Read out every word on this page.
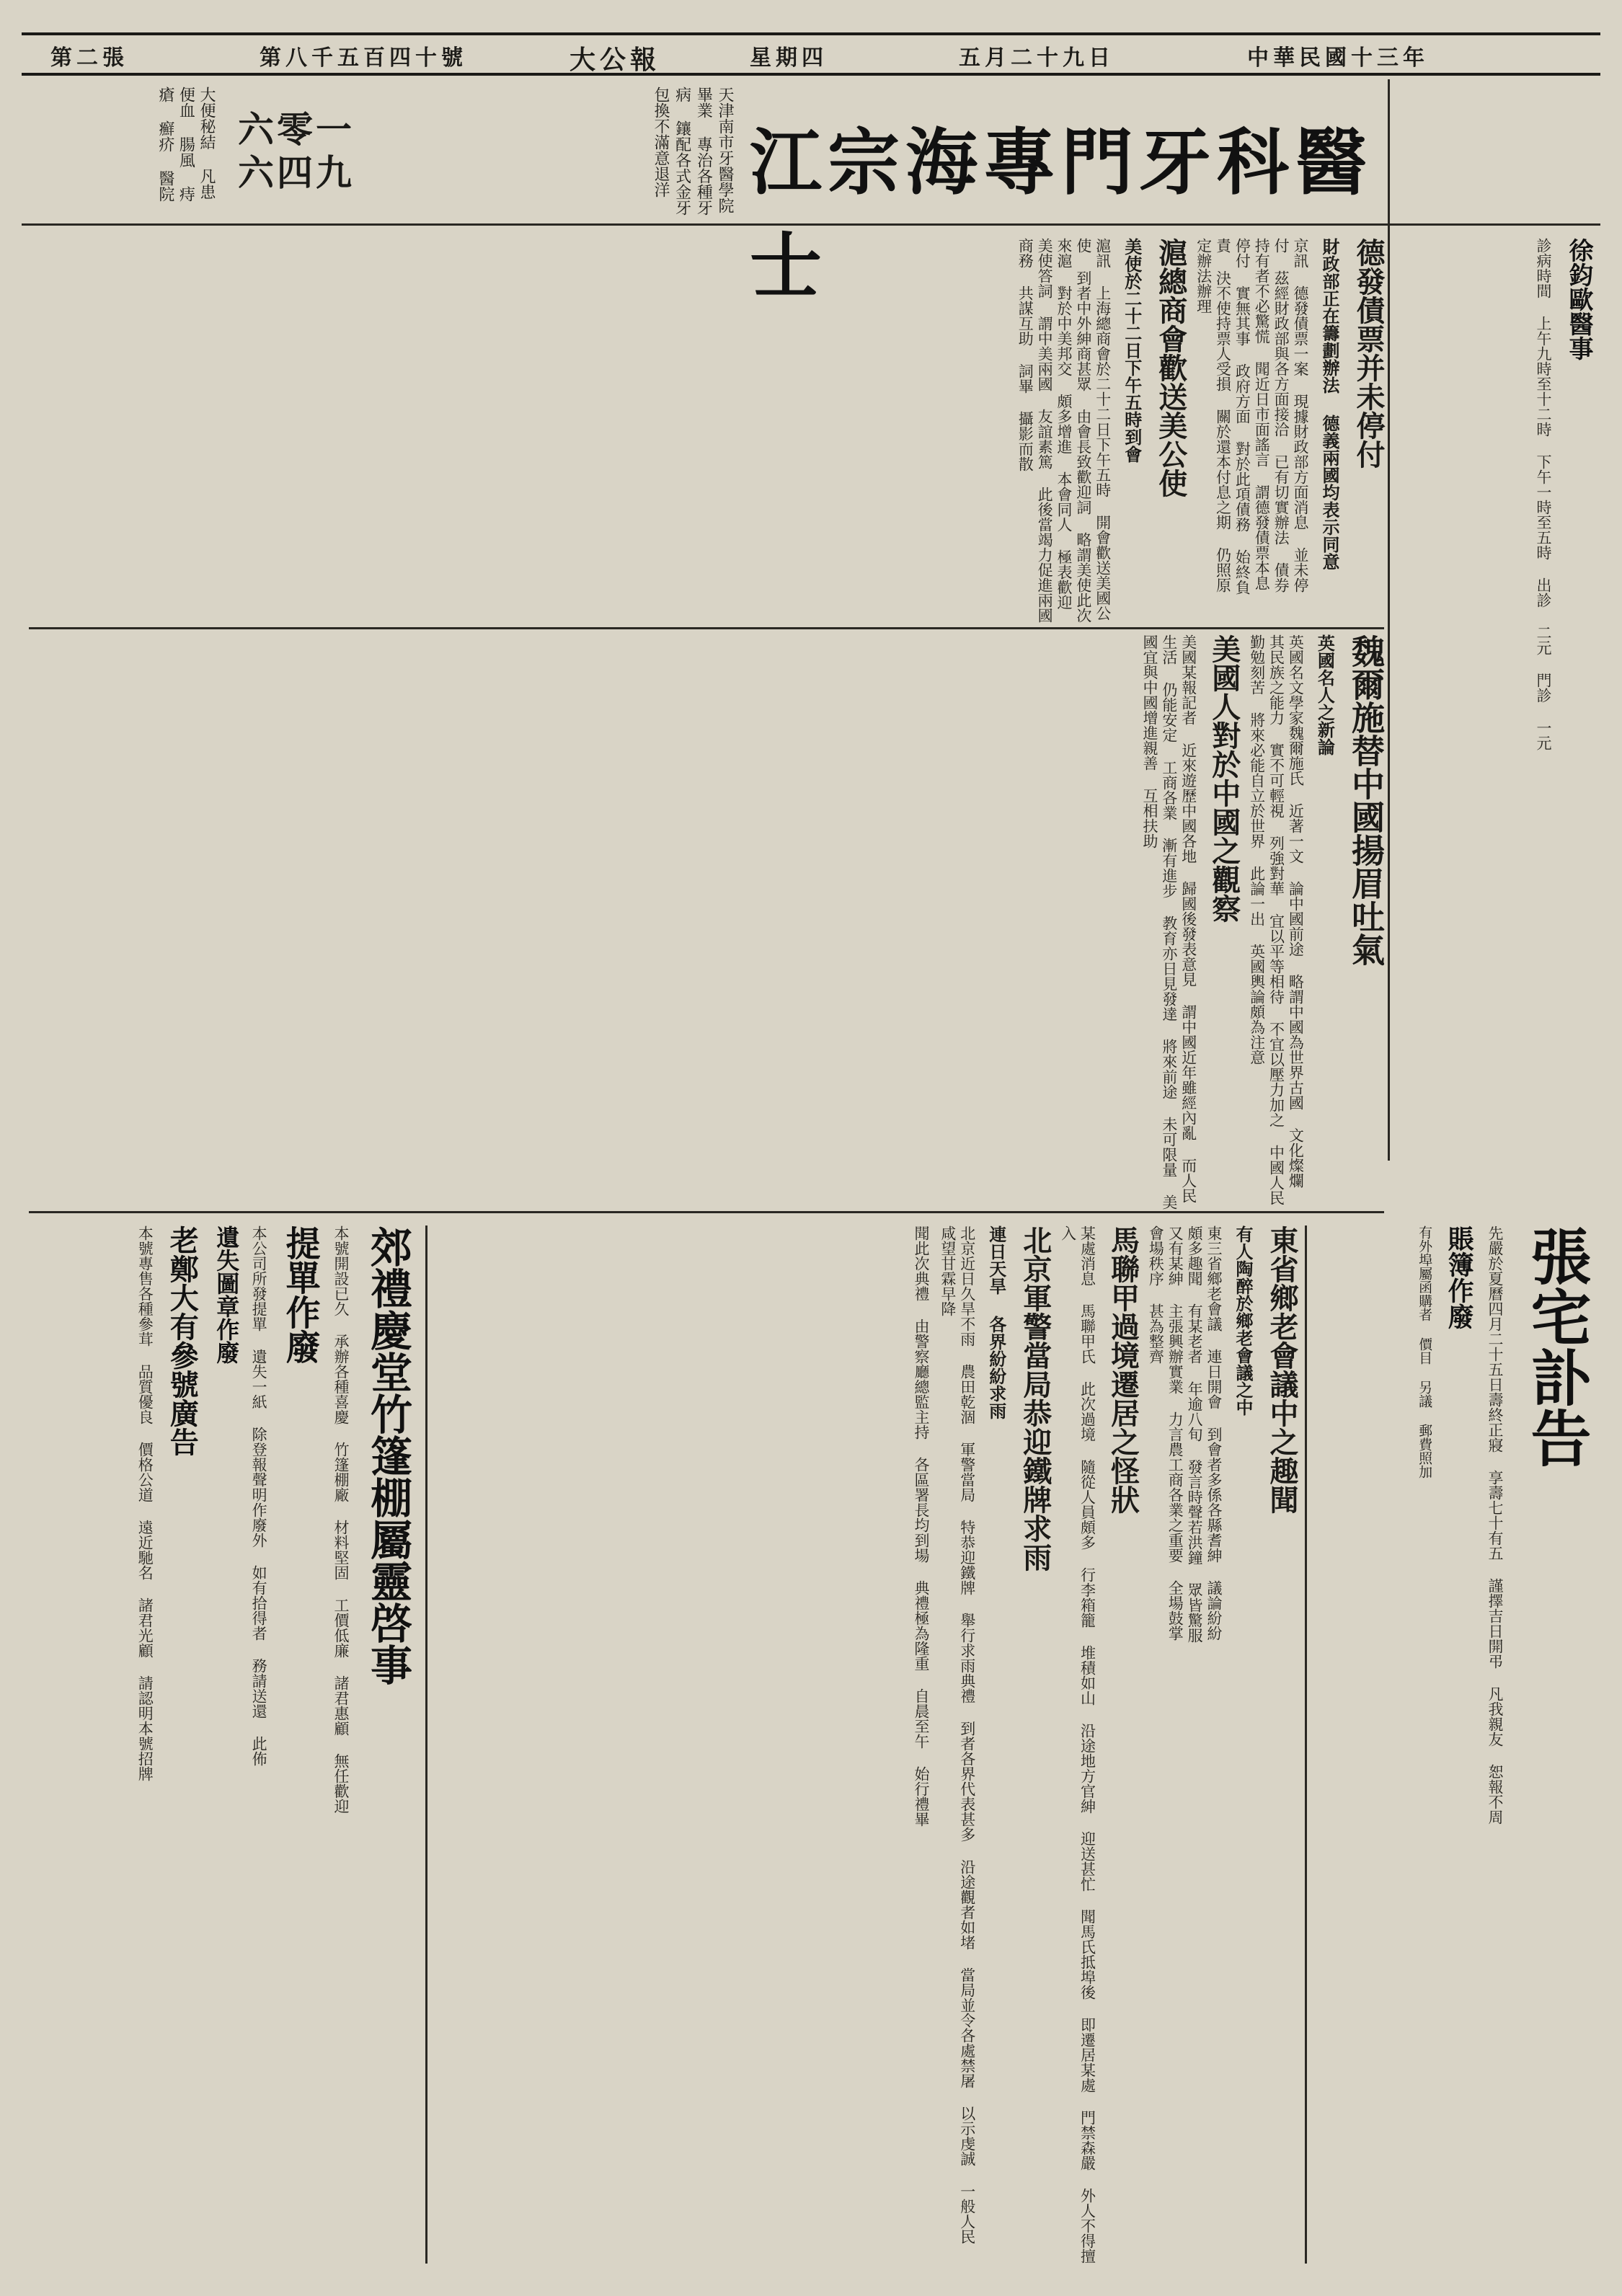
第二張	第八千五百四十號	大公報	星期四	五月二十九日	中華民國十三年
大便秘結 凡患 便血 腸風 痔瘡 癬疥 醫院	六零一 六四九	天津南市牙醫學院畢業 專治各種牙病 鑲配各式金牙 包換不滿意退洋	江宗海專門牙科醫士	徐鈞歐醫事
診病時間 上午九時至十二時 下午一時至五時 出診 二元 門診 一元
德發債票并未停付
財政部正在籌劃辦法 德義兩國均表示同意
京訊 德發債票一案 現據財政部方面消息 並未停付 茲經財政部與各方面接洽 已有切實辦法 債券持有者不必驚慌 聞近日市面謠言 謂德發債票本息停付 實無其事 政府方面 對於此項債務 始終負責 決不使持票人受損 關於還本付息之期 仍照原定辦法辦理
滬總商會歡送美公使
美使於二十二日下午五時到會
滬訊 上海總商會於二十二日下午五時 開會歡送美國公使 到者中外紳商甚眾 由會長致歡迎詞 略謂美使此次來滬 對於中美邦交 頗多增進 本會同人 極表歡迎 美使答詞 謂中美兩國 友誼素篤 此後當竭力促進兩國商務 共謀互助 詞畢 攝影而散
魏爾施替中國揚眉吐氣
英國名人之新論
英國名文學家魏爾施氏 近著一文 論中國前途 略謂中國為世界古國 文化燦爛 其民族之能力 實不可輕視 列強對華 宜以平等相待 不宜以壓力加之 中國人民 勤勉刻苦 將來必能自立於世界 此論一出 英國輿論頗為注意
美國人對於中國之觀察
美國某報記者 近來遊歷中國各地 歸國後發表意見 謂中國近年雖經內亂 而人民生活 仍能安定 工商各業 漸有進步 教育亦日見發達 將來前途 未可限量 美國宜與中國增進親善 互相扶助
張宅訃告
先嚴於夏曆四月二十五日壽終正寢 享壽七十有五 謹擇吉日開弔 凡我親友 恕報不周
賬簿作廢
有外埠屬函購者 價目 另議 郵費照加
東省鄉老會議中之趣聞
有人陶醉於鄉老會議之中
東三省鄉老會議 連日開會 到會者多係各縣耆紳 議論紛紛 頗多趣聞 有某老者 年逾八旬 發言時聲若洪鐘 眾皆驚服 又有某紳 主張興辦實業 力言農工商各業之重要 全場鼓掌 會場秩序 甚為整齊
馬聯甲過境遷居之怪狀
某處消息 馬聯甲氏 此次過境 隨從人員頗多 行李箱籠 堆積如山 沿途地方官紳 迎送甚忙 聞馬氏抵埠後 即遷居某處 門禁森嚴 外人不得擅入
北京軍警當局恭迎鐵牌求雨
連日天旱 各界紛紛求雨
北京近日久旱不雨 農田乾涸 軍警當局 特恭迎鐵牌 舉行求雨典禮 到者各界代表甚多 沿途觀者如堵 當局並令各處禁屠 以示虔誠 一般人民 咸望甘霖早降
聞此次典禮 由警察廳總監主持 各區署長均到場 典禮極為隆重 自晨至午 始行禮畢
郊禮慶堂竹篷棚屬靈啓事
本號開設已久 承辦各種喜慶 竹篷棚廠 材料堅固 工價低廉 諸君惠顧 無任歡迎
提單作廢
本公司所發提單 遺失一紙 除登報聲明作廢外 如有拾得者 務請送還 此佈
遺失圖章作廢
老鄭大有參號廣告
本號專售各種參茸 品質優良 價格公道 遠近馳名 諸君光顧 請認明本號招牌
